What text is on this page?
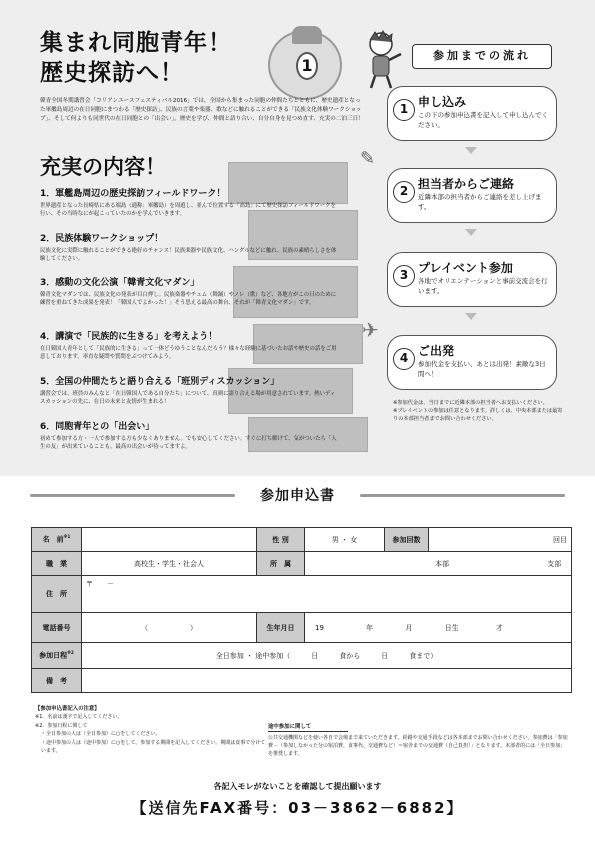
集まれ同胞青年！
歴史探訪へ！	1

韓青全国冬期講習会「コリアンユースフェスティバル2016」では、全国から集まった同胞の仲間たちとともに、歴史遺産となった軍艦島周辺の在日同胞にまつわる「歴史探訪」、民族の言葉や楽器、歌などに触れることができる「民族文化体験ワークショップ」、そして何よりも同世代の在日同胞との「出会い」。歴史を学び、仲間と語り合い、自分自身を見つめ直す、充実の二泊三日！

充実の内容！
1．軍艦島周辺の歴史探訪フィールドワーク！

世界遺産となった長崎県にある端島（通称：軍艦島）を周遊し、並んで位置する「高島」にて歴史探訪フィールドワークを行い、その当時なにが起こっていたのかを学んでいきます。

2．民族体験ワークショップ！

民族文化に実際に触れることができる絶好のチャンス！民族楽器や民族文化、ハングルなどに触れ、民族の素晴らしさを体験してください。

3．感動の文化公演「韓青文化マダン」

韓青文化マダンでは、民族文化の発表が目白押し。民族楽器やチュム（舞踊）やノレ（歌）など、各地方がこの日のために練習を重ねてきた成果を発表！「韓国人でよかった！」そう思える最高の舞台、それが「韓青文化マダン」です。

4．講演で「民族的に生きる」を考えよう！

在日韓国人青年として「民族的に生きる」って一体どうゆうことなんだろう？様々な経験に基づいたお話や歴史の話をご用意しております。率直な疑問や質問をぶつけてみよう。

5．全国の仲間たちと語り合える「班別ディスカッション」

講習会では、班員のみんなと「在日韓国人である自分たち」について、真剣に語り合える場が用意されています。熱いディスカッションの先に、在日の未来と友情が生まれる！

6．同胞青年との「出会い」

初めて参加する方・一人で参加する方も少なくありません。でも安心してください。すぐに打ち解けて、気がついたら「人生の友」が出来ていることも。最高の出会いが待ってますよ。

参加までの流れ
1 申し込み
この下の参加申込書を記入して申し込んでください。
2 担当者からご連絡
近隣本部の担当者からご連絡を差し上げます。
3 プレイベント参加
各地でオリエンテーションと事前交流会を行います。
4 ご出発
参加代金を支払い、あとは出発！素敵な3日間へ！
✎
✈
※参加代金は、当日までに近隣本部の担当者へお支払いください。
※プレイベントの参加は任意となります。詳しくは、中央本部または最寄りの本部担当者までお問い合わせください。
参加申込書
名　前$^{※1}$		性 別	男 ・ 女	参加回数	回目
職　業	高校生・学生・社会人	所　属	本部 支部		
住　所	〒　　－				
電話番号	（　　　　　　）	生年月日	19 年 月 日生 才		
参加日程$^{※2}$	全日参加 ・ 途中参加（　　　日　　　食から　　　日　　　食まで）				
備　考					
【参加申込書記入の注意】
※1．名前は漢字で記入してください。
※2．参加日程に関して
・全日参加の人は（全日参加）に○をしてください。
・途中参加の人は（途中参加）に○をして、参加する期間を記入してください。期間は食事で分けています。
途中参加に関して
公共交通機関などを使い各自で会場まで来ていただきます。経路や交通手段などは各本部までお問い合わせください。参加費は「参加費－（参加しなかった分の宿泊費、食事代、交通費など）＝宿舎までの交通費（自己負担）」となります。本部者的には「全日参加」を推奨します。
各記入モレがないことを確認して提出願います
【送信先FAX番号：03－3862－6882】
